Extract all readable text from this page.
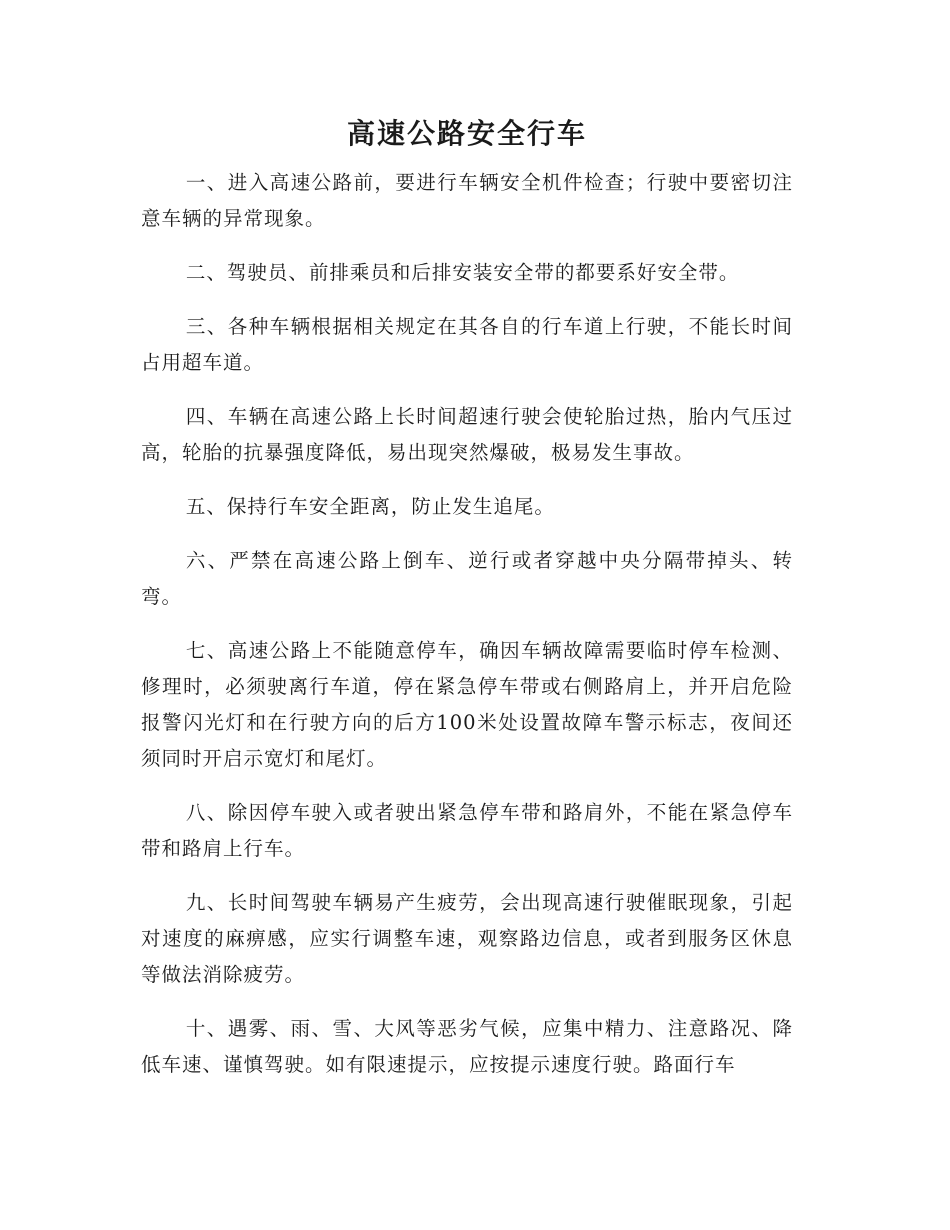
高速公路安全行车

一、进入高速公路前，要进行车辆安全机件检查；行驶中要密切注意车辆的异常现象。

二、驾驶员、前排乘员和后排安装安全带的都要系好安全带。

三、各种车辆根据相关规定在其各自的行车道上行驶，不能长时间占用超车道。

四、车辆在高速公路上长时间超速行驶会使轮胎过热，胎内气压过高，轮胎的抗暴强度降低，易出现突然爆破，极易发生事故。

五、保持行车安全距离，防止发生追尾。

六、严禁在高速公路上倒车、逆行或者穿越中央分隔带掉头、转弯。

七、高速公路上不能随意停车，确因车辆故障需要临时停车检测、修理时，必须驶离行车道，停在紧急停车带或右侧路肩上，并开启危险报警闪光灯和在行驶方向的后方100米处设置故障车警示标志，夜间还须同时开启示宽灯和尾灯。

八、除因停车驶入或者驶出紧急停车带和路肩外，不能在紧急停车带和路肩上行车。

九、长时间驾驶车辆易产生疲劳，会出现高速行驶催眠现象，引起对速度的麻痹感，应实行调整车速，观察路边信息，或者到服务区休息等做法消除疲劳。

十、遇雾、雨、雪、大风等恶劣气候，应集中精力、注意路况、降低车速、谨慎驾驶。如有限速提示，应按提示速度行驶。路面行车
